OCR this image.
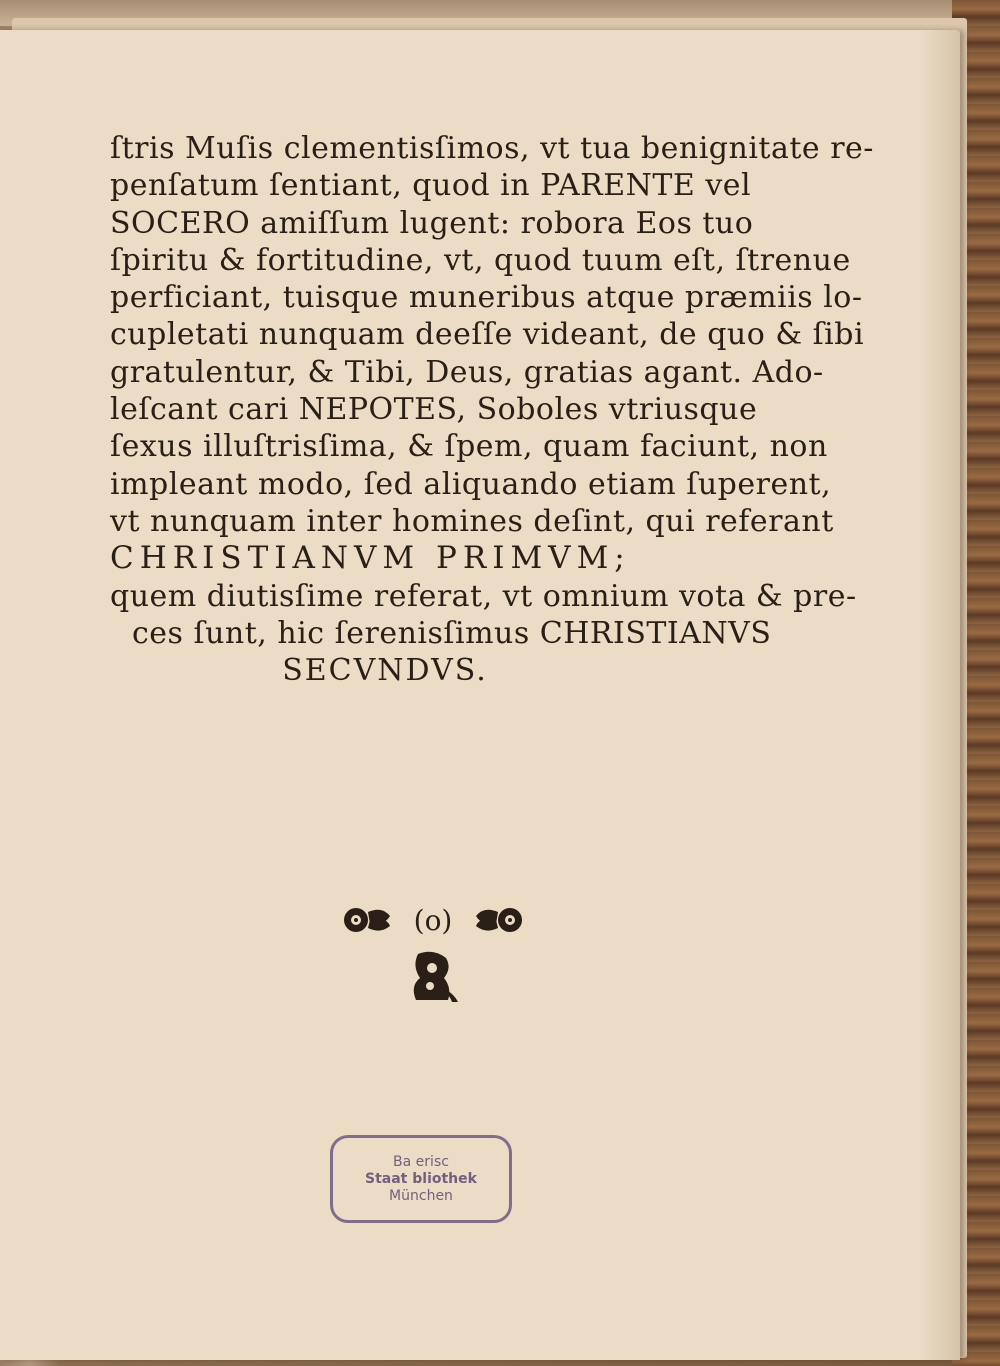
ſtris Muſis clementisſimos, vt tua benignitate re-
penſatum ſentiant, quod in PARENTE vel
SOCERO amiſſum lugent: robora Eos tuo
ſpiritu & fortitudine, vt, quod tuum eſt, ſtrenue
perficiant, tuisque muneribus atque præmiis lo-
cupletati nunquam deeſſe videant, de quo & ſibi
gratulentur, & Tibi, Deus, gratias agant. Ado-
leſcant cari NEPOTES, Soboles vtriusque
ſexus illuſtrisſima, & ſpem, quam faciunt, non
impleant modo, ſed aliquando etiam ſuperent,
vt nunquam inter homines deſint, qui referant
CHRISTIANVM PRIMVM;
quem diutisſime referat, vt omnium vota & pre-
ces ſunt, hic ſerenisſimus CHRISTIANVS
SECVNDVS.
(o)
Ba erisc
Staat bliothek
München
